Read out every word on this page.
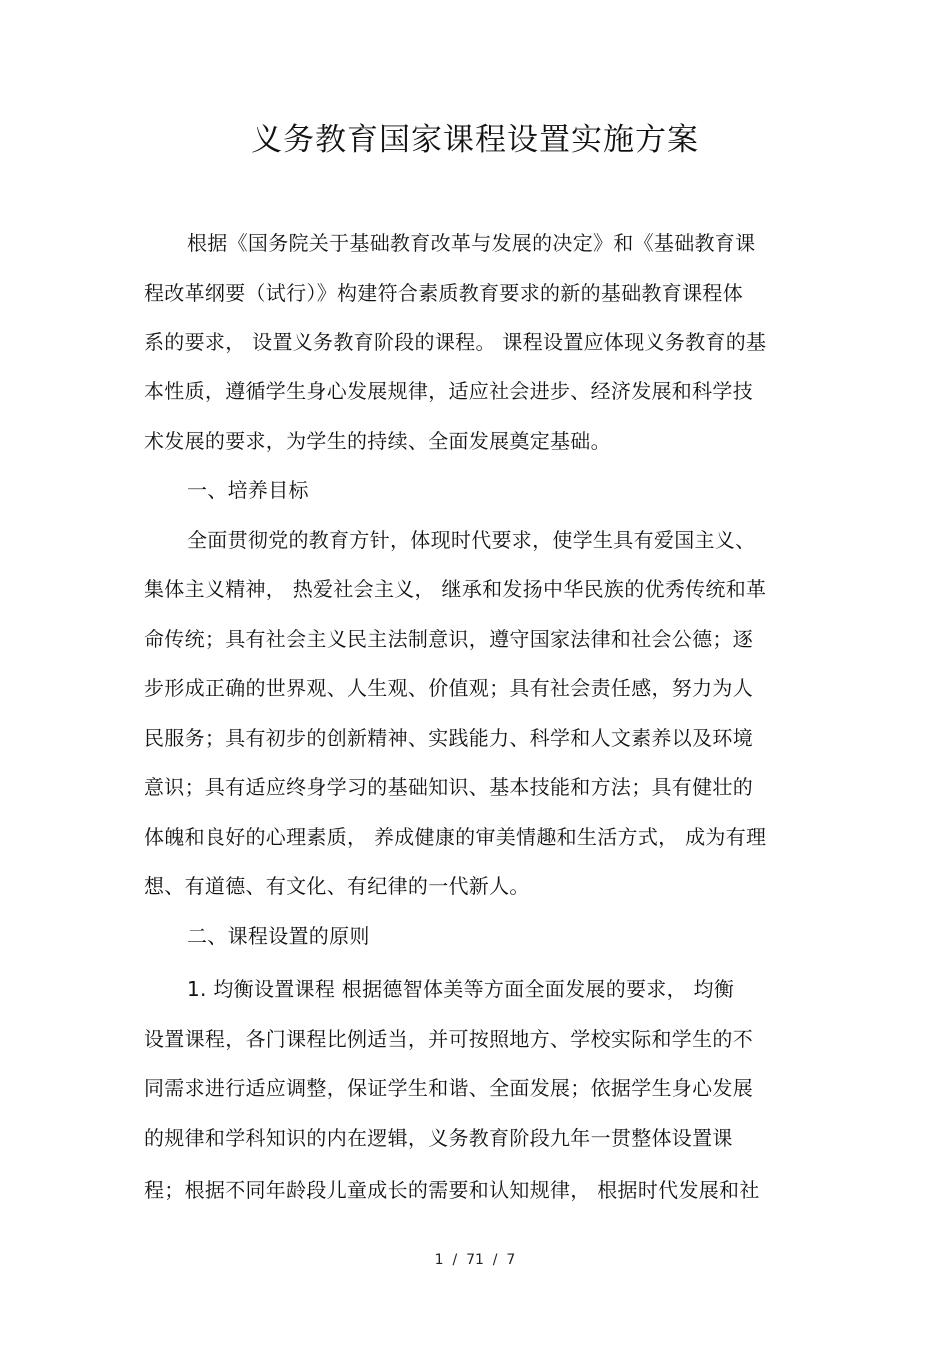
义务教育国家课程设置实施方案
根据《国务院关于基础教育改革与发展的决定》和《基础教育课
程改革纲要（试行）》构建符合素质教育要求的新的基础教育课程体
系的要求， 设置义务教育阶段的课程。 课程设置应体现义务教育的基
本性质，遵循学生身心发展规律，适应社会进步、经济发展和科学技
术发展的要求，为学生的持续、全面发展奠定基础。
一、培养目标
全面贯彻党的教育方针，体现时代要求，使学生具有爱国主义、
集体主义精神， 热爱社会主义， 继承和发扬中华民族的优秀传统和革
命传统；具有社会主义民主法制意识，遵守国家法律和社会公德；逐
步形成正确的世界观、人生观、价值观；具有社会责任感，努力为人
民服务；具有初步的创新精神、实践能力、科学和人文素养以及环境
意识；具有适应终身学习的基础知识、基本技能和方法；具有健壮的
体魄和良好的心理素质， 养成健康的审美情趣和生活方式， 成为有理
想、有道德、有文化、有纪律的一代新人。
二、课程设置的原则
1. 均衡设置课程 根据德智体美等方面全面发展的要求， 均衡
设置课程，各门课程比例适当，并可按照地方、学校实际和学生的不
同需求进行适应调整，保证学生和谐、全面发展；依据学生身心发展
的规律和学科知识的内在逻辑，义务教育阶段九年一贯整体设置课
程；根据不同年龄段儿童成长的需要和认知规律， 根据时代发展和社
1  /  71  /  7
